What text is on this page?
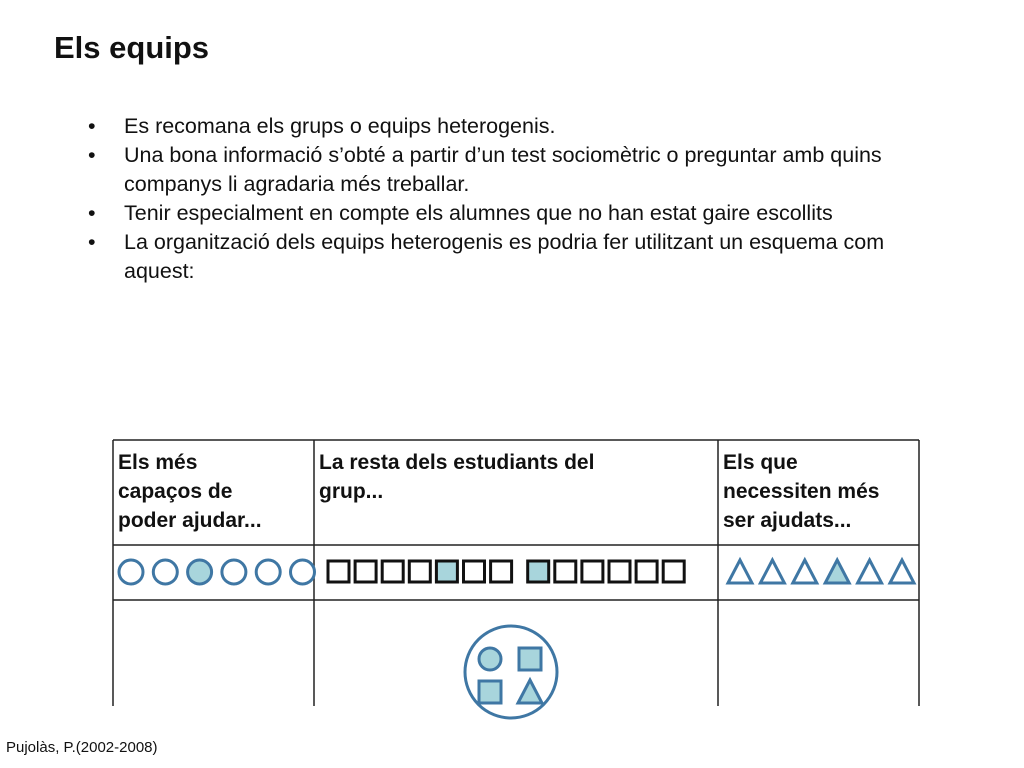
Els equips
• Es recomana els grups o equips heterogenis.
• Una bona informació s’obté a partir d’un test sociomètric o preguntar amb quins companys li agradaria més treballar.
• Tenir especialment en compte els alumnes que no han estat gaire escollits
• La organització dels equips heterogenis es podria fer utilitzant un esquema com aquest:
Els més
capaços de
poder ajudar...
La resta dels estudiants del
grup...
Els que
necessiten més
ser ajudats...
Pujolàs, P.(2002-2008)
